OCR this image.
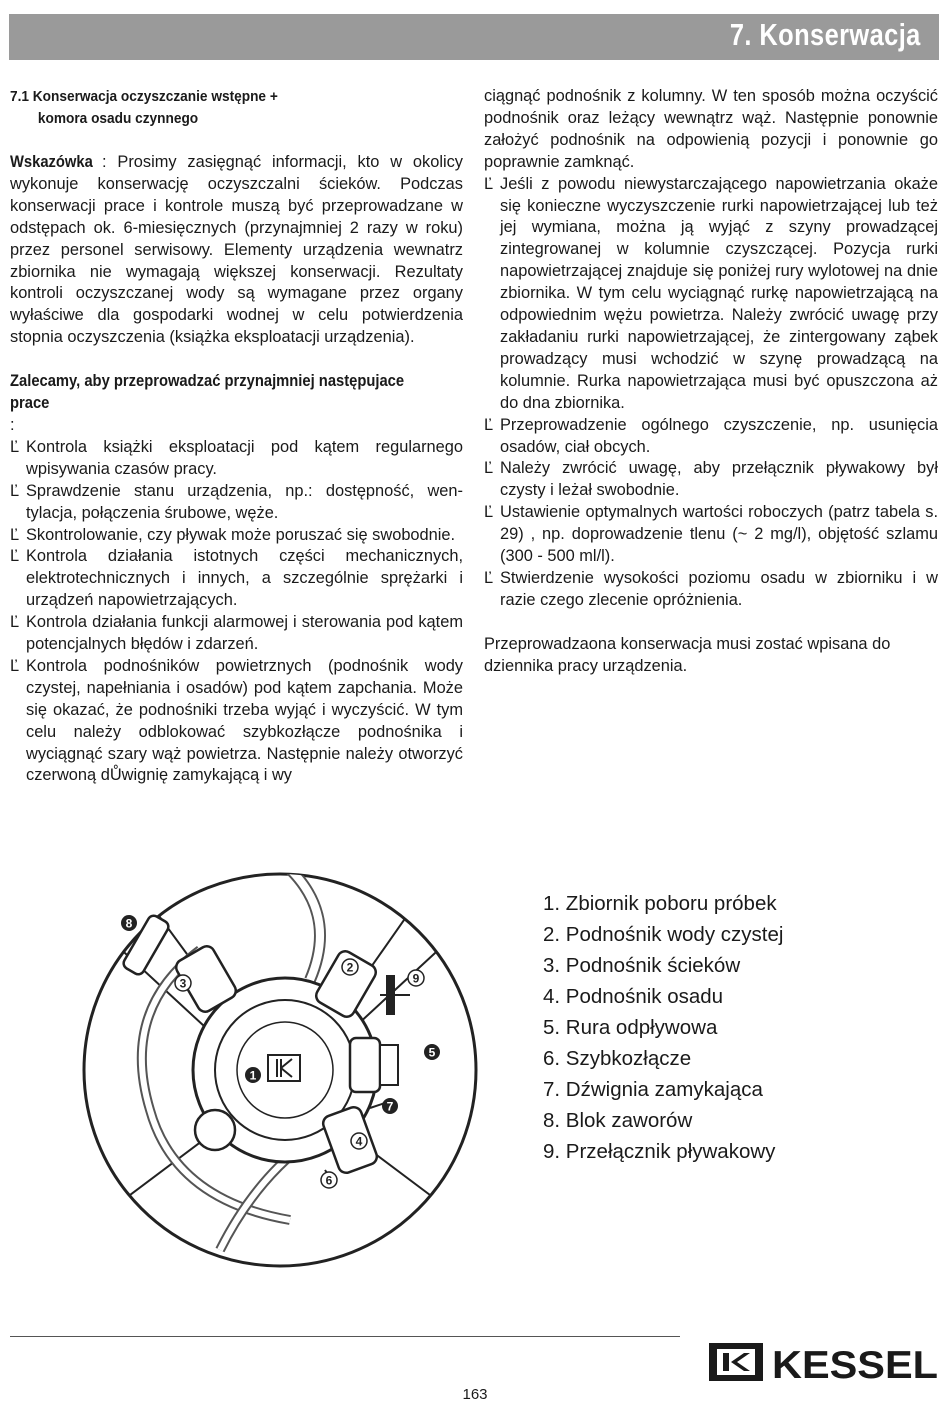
7. Konserwacja
7.1 Konserwacja oczyszczanie wstępne +
komora osadu czynnego

Wskazówka : Prosimy zasięgnąć informacji, kto w okolicy wykonuje konserwację oczyszczalni ścieków. Podczas konserwacji prace i kontrole muszą być przeprowadzane w odstępach ok. 6-miesięcznych (przynajmniej 2 razy w roku) przez personel serwisowy. Elementy urządzenia wewnatrz zbiornika nie wymagają większej konserwacji. Rezultaty kontroli oczyszczanej wody są wymagane przez organy wyłaściwe dla gospodarki wodnej w celu potwierdzenia stopnia oczyszczenia (książka eksploatacji urządzenia).

Zalecamy, aby przeprowadzać przynajmniej następujace prace:

Ľ Kontrola książki eksploatacji pod kątem regularnego wpisywania czasów pracy.
Ľ Sprawdzenie stanu urządzenia, np.: dostępność, wentylacja, połączenia śrubowe, węże.
Ľ Skontrolowanie, czy pływak może poruszać się swobodnie.
Ľ Kontrola działania istotnych części mechanicznych, elektrotechnicznych i innych, a szczególnie sprężarki i urządzeń napowietrzających.
Ľ Kontrola działania funkcji alarmowej i sterowania pod kątem potencjalnych błędów i zdarzeń.
Ľ Kontrola podnośników powietrznych (podnośnik wody czystej, napełniania i osadów) pod kątem zapchania. Może się okazać, że podnośniki trzeba wyjąć i wyczyścić. W tym celu należy odblokować szybkozłącze podnośnika i wyciągnąć szary wąż powietrza. Następnie należy otworzyć czerwoną dŮwignię zamykającą i wy

ciągnąć podnośnik z kolumny. W ten sposób można oczyścić podnośnik oraz leżący wewnątrz wąż. Następnie ponownie założyć podnośnik na odpowienią pozycji i ponownie go poprawnie zamknąć.

Ľ Jeśli z powodu niewystarczającego napowietrzania okaże się konieczne wyczyszczenie rurki napowietrzającej lub też jej wymiana, można ją wyjąć z szyny prowadzącej zintegrowanej w kolumnie czyszczącej. Pozycja rurki napowietrzającej znajduje się poniżej rury wylotowej na dnie zbiornika. W tym celu wyciągnąć rurkę napowietrzającą na odpowiednim wężu powietrza. Należy zwrócić uwagę przy zakładaniu rurki napowietrzającej, że zintergowany ząbek prowadzący musi wchodzić w szynę prowadzącą na kolumnie. Rurka napowietrzająca musi być opuszczona aż do dna zbiornika.
Ľ Przeprowadzenie ogólnego czyszczenie, np. usunięcia osadów, ciał obcych.
Ľ Należy zwrócić uwagę, aby przełącznik pływakowy był czysty i leżał swobodnie.
Ľ Ustawienie optymalnych wartości roboczych (patrz tabela s. 29) , np. doprowadzenie tlenu (~ 2 mg/l), objętość szlamu (300 - 500 ml/l).
Ľ Stwierdzenie wysokości poziomu osadu w zbiorniku i w razie czego zlecenie opróżnienia.

Przeprowadzaona konserwacja musi zostać wpisana do dziennika pracy urządzenia.

1
2
3
4
5
6
7
8
9
1. Zbiornik poboru próbek
2. Podnośnik wody czystej
3. Podnośnik ścieków
4. Podnośnik osadu
5. Rura odpływowa
6. Szybkozłącze
7. Dźwignia zamykająca
8. Blok zaworów
9. Przełącznik pływakowy
163
KESSEL
